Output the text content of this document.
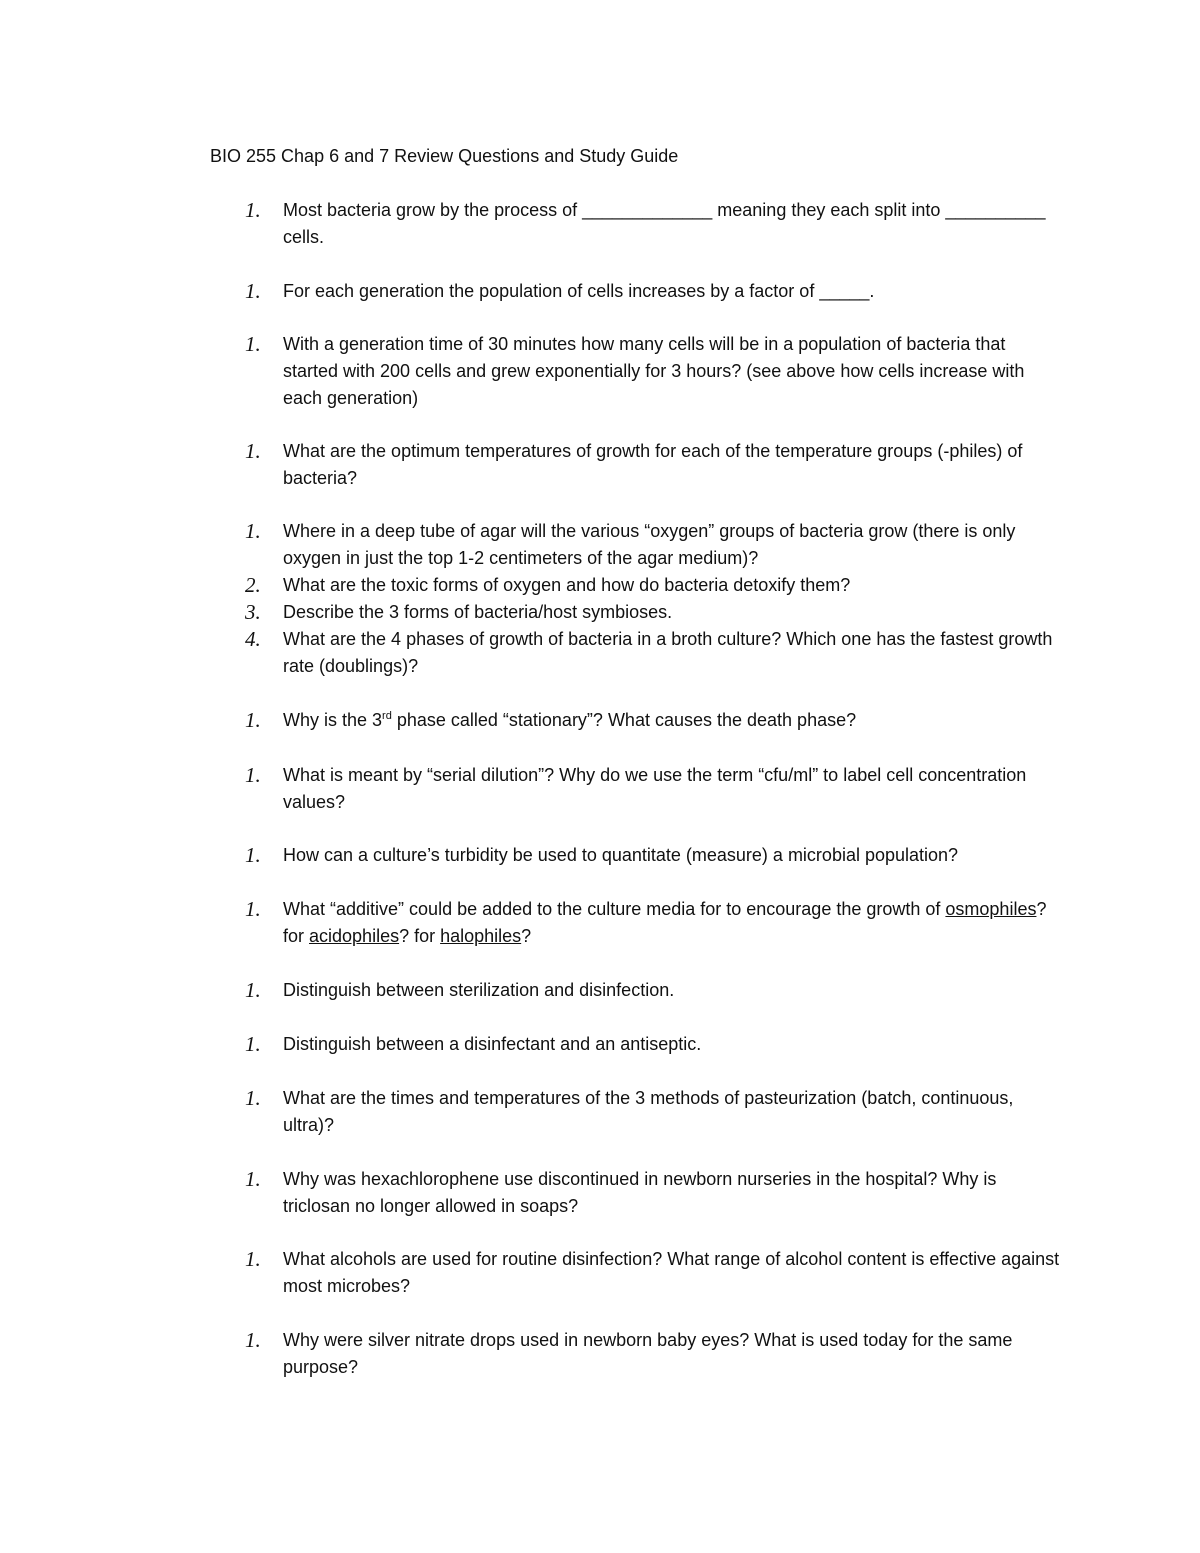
BIO 255 Chap 6 and 7 Review Questions and Study Guide
1.	Most bacteria grow by the process of _____________ meaning they each split into __________ cells.
1.	For each generation the population of cells increases by a factor of _____.
1.	With a generation time of 30 minutes how many cells will be in a population of bacteria that started with 200 cells and grew exponentially for 3 hours? (see above how cells increase with each generation)
1.	What are the optimum temperatures of growth for each of the temperature groups (-philes) of bacteria?
1.	Where in a deep tube of agar will the various “oxygen” groups of bacteria grow (there is only oxygen in just the top 1-2 centimeters of the agar medium)?
2.	What are the toxic forms of oxygen and how do bacteria detoxify them?
3.	Describe the 3 forms of bacteria/host symbioses.
4.	What are the 4 phases of growth of bacteria in a broth culture? Which one has the fastest growth rate (doublings)?
1.	Why is the 3rd phase called “stationary”? What causes the death phase?
1.	What is meant by “serial dilution”? Why do we use the term “cfu/ml” to label cell concentration values?
1.	How can a culture’s turbidity be used to quantitate (measure) a microbial population?
1.	What “additive” could be added to the culture media for to encourage the growth of osmophiles? for acidophiles? for halophiles?
1.	Distinguish between sterilization and disinfection.
1.	Distinguish between a disinfectant and an antiseptic.
1.	What are the times and temperatures of the 3 methods of pasteurization (batch, continuous, ultra)?
1.	Why was hexachlorophene use discontinued in newborn nurseries in the hospital? Why is triclosan no longer allowed in soaps?
1.	What alcohols are used for routine disinfection? What range of alcohol content is effective against most microbes?
1.	Why were silver nitrate drops used in newborn baby eyes? What is used today for the same purpose?
